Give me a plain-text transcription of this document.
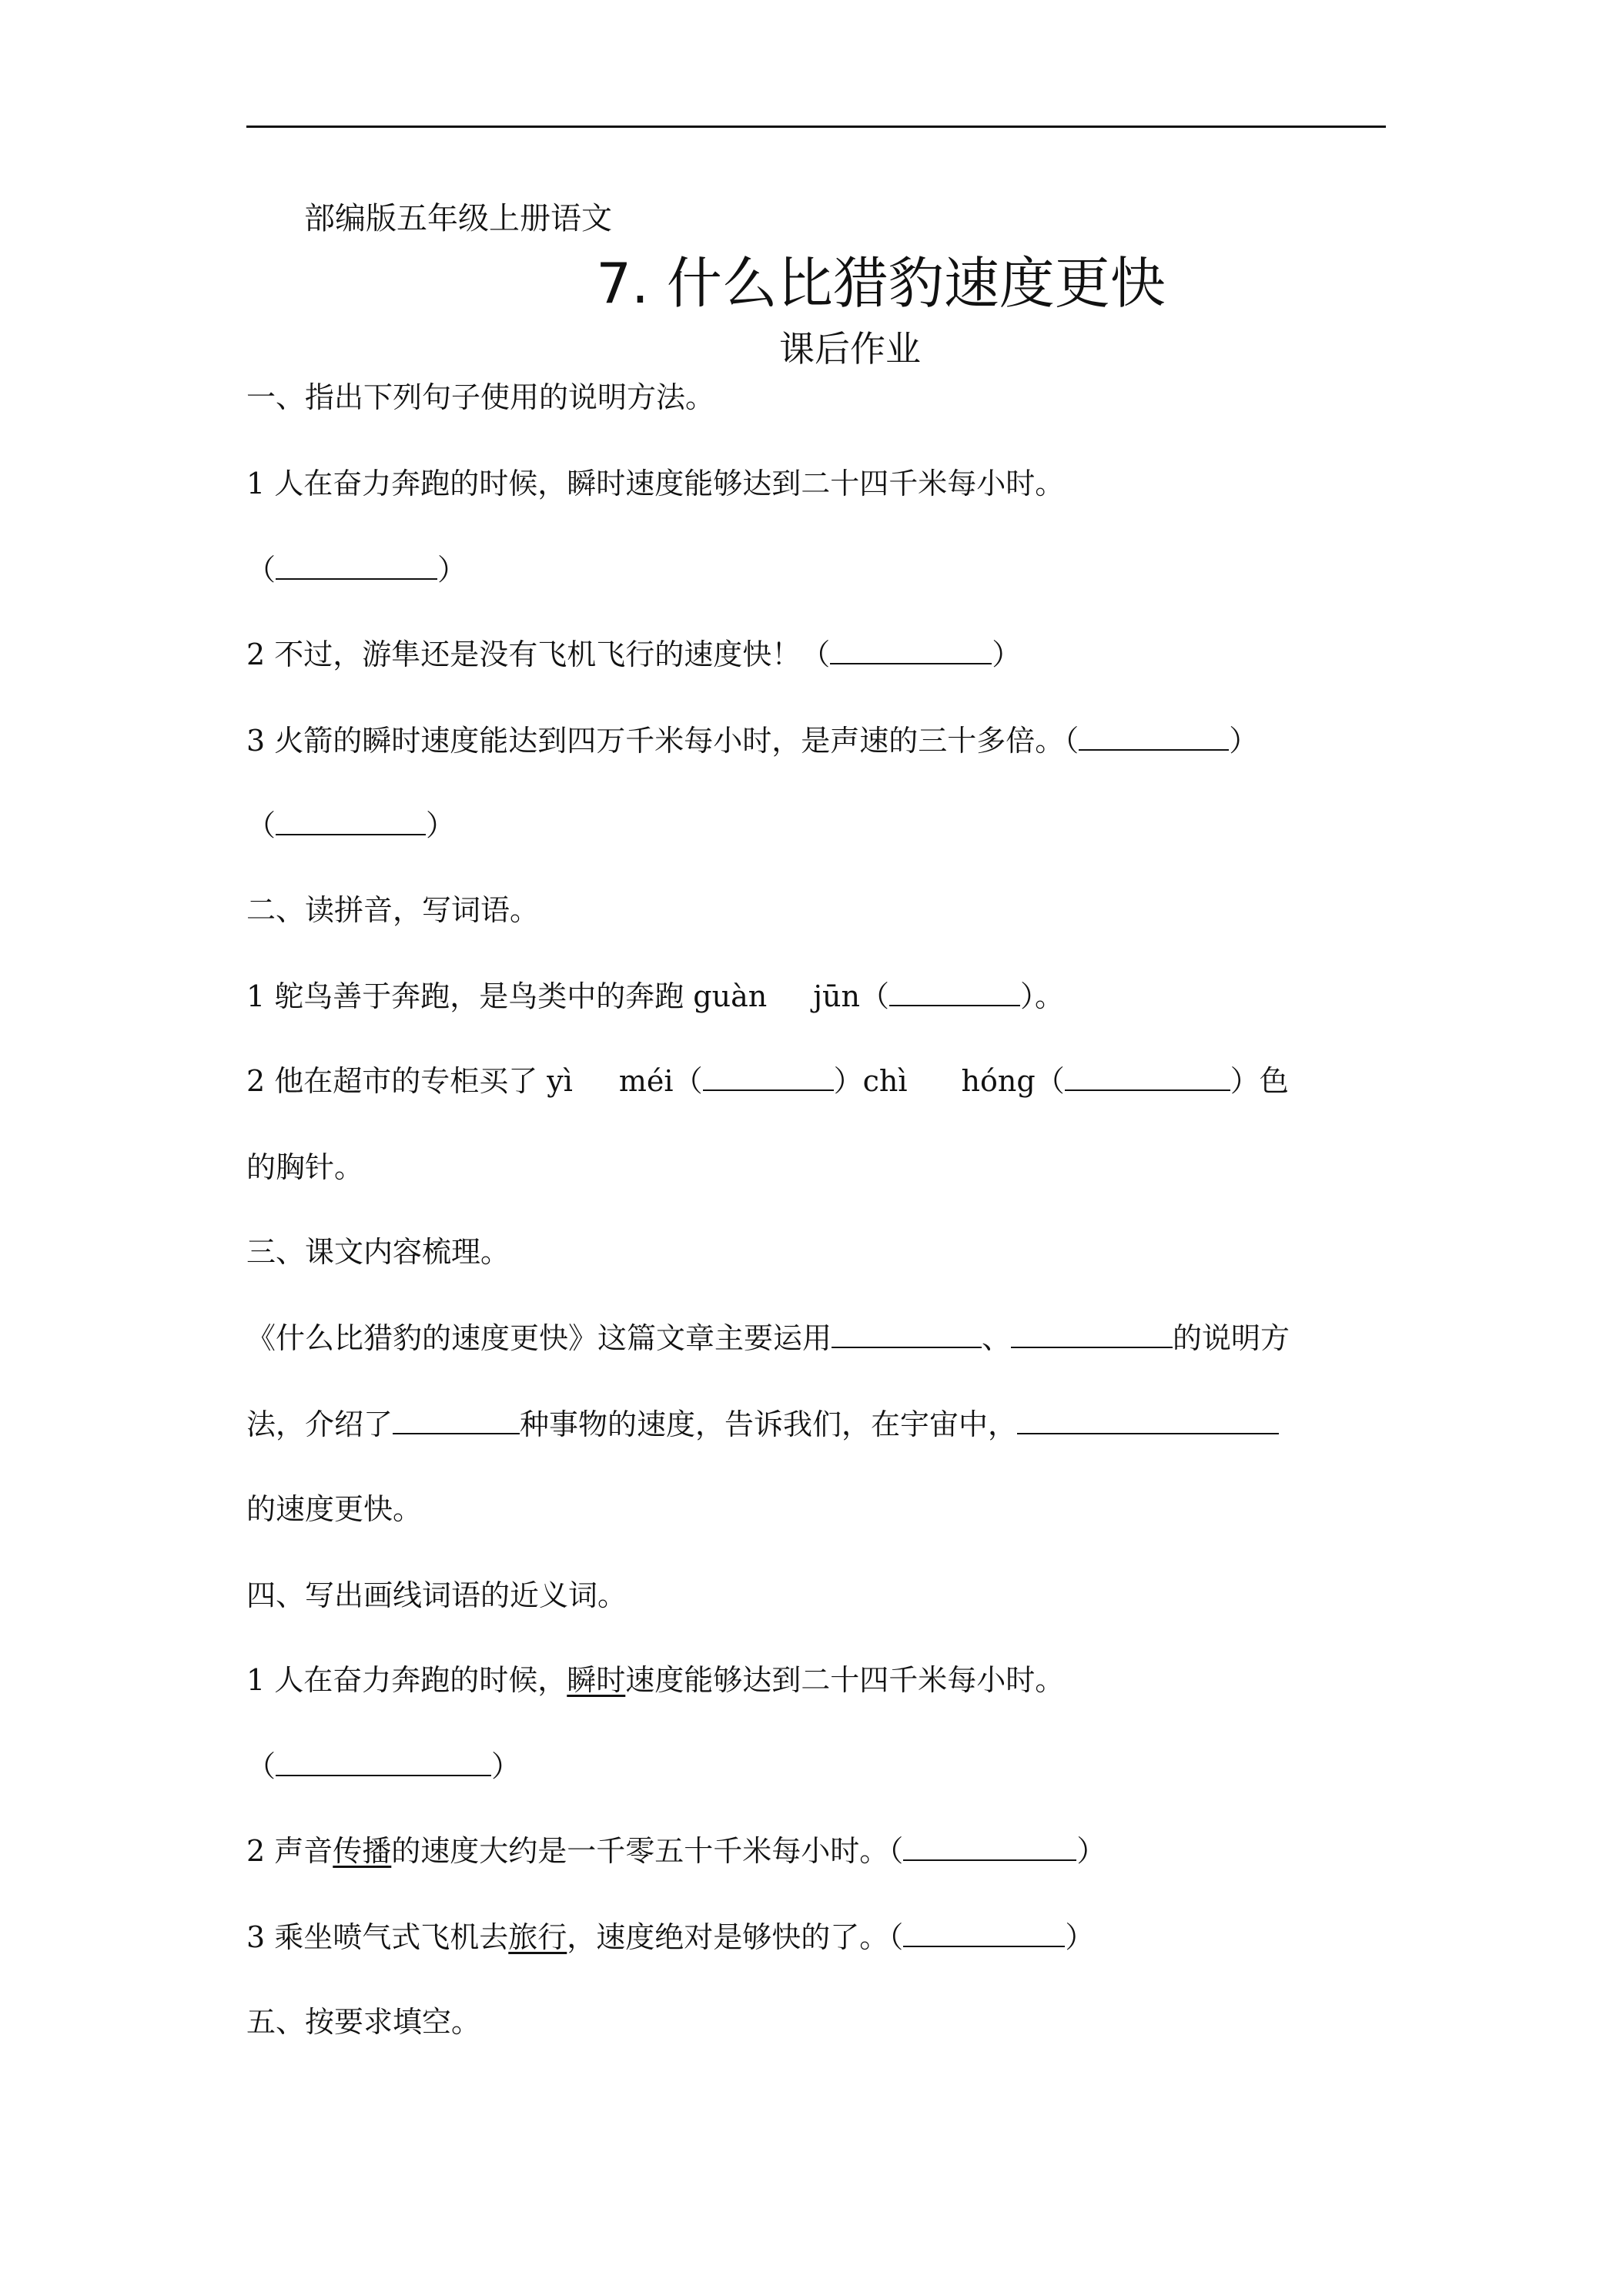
部编版五年级上册语文
7. 什么比猎豹速度更快
课后作业
一、指出下列句子使用的说明方法。
1 人在奋力奔跑的时候，瞬时速度能够达到二十四千米每小时。
（	）
2 不过，游隼还是没有飞机飞行的速度快！（	）
3 火箭的瞬时速度能达到四万千米每小时，是声速的三十多倍。（	）
（	）
二、读拼音，写词语。
1 鸵鸟善于奔跑，是鸟类中的奔跑 guàn jūn（	）。
2 他在超市的专柜买了 yì méi（	）chì hóng（	）色
的胸针。
三、课文内容梳理。
《什么比猎豹的速度更快》这篇文章主要运用	、	的说明方
法，介绍了	种事物的速度，告诉我们，在宇宙中，
的速度更快。
四、写出画线词语的近义词。
1 人在奋力奔跑的时候，瞬时速度能够达到二十四千米每小时。
（	）
2 声音传播的速度大约是一千零五十千米每小时。（	）
3 乘坐喷气式飞机去旅行，速度绝对是够快的了。（	）
五、按要求填空。
